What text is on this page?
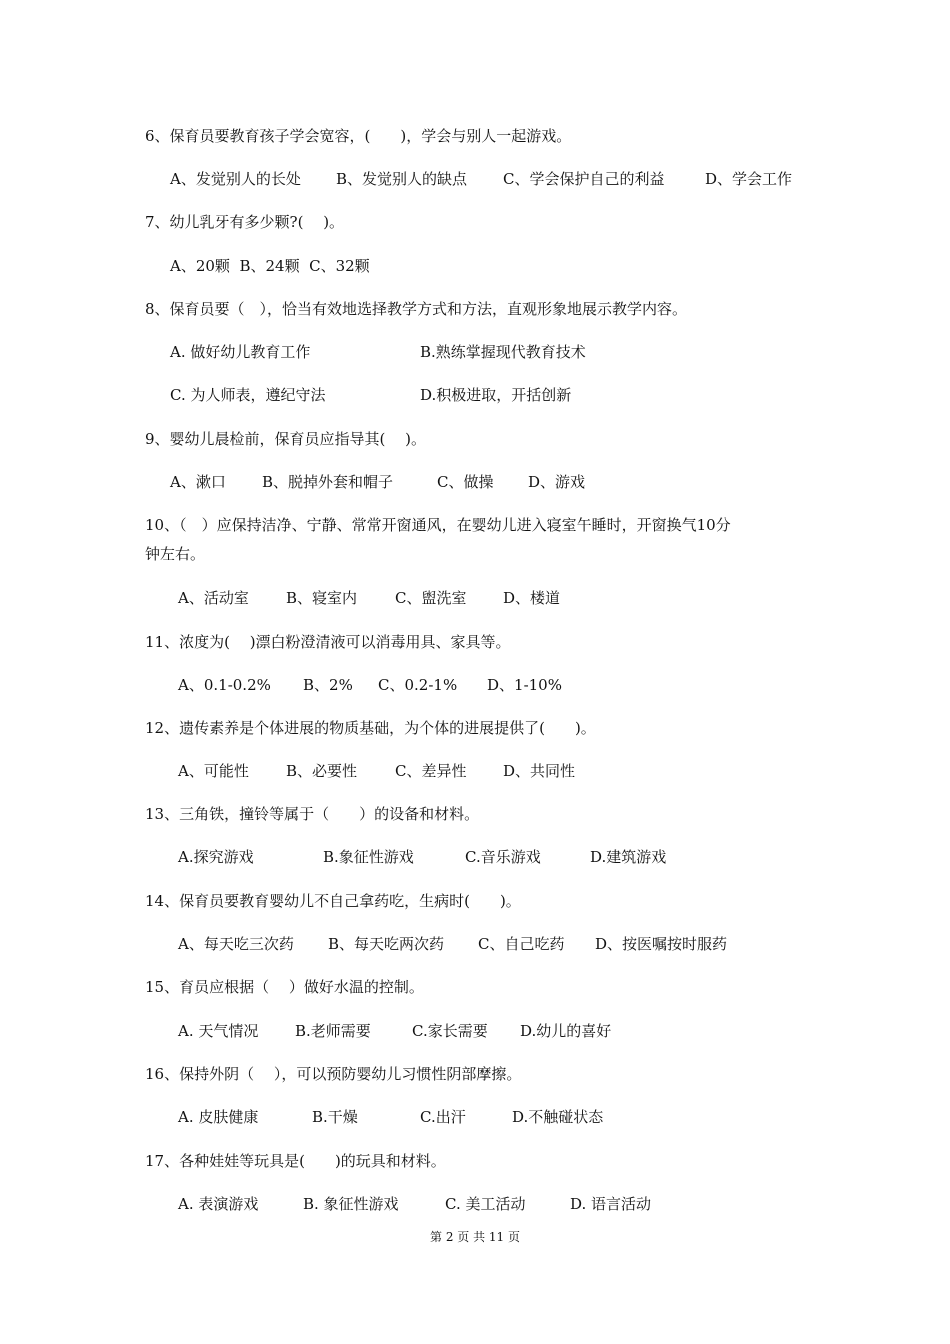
6、保育员要教育孩子学会宽容，(　　)，学会与别人一起游戏。
A、发觉别人的长处 B、发觉别人的缺点 C、学会保护自己的利益	D、学会工作
7、幼儿乳牙有多少颗?(　 )。
A、20颗  B、24颗  C、32颗
8、保育员要（　），恰当有效地选择教学方式和方法，直观形象地展示教学内容。
A. 做好幼儿教育工作	B.熟练掌握现代教育技术
C. 为人师表，遵纪守法	D.积极进取，开括创新
9、婴幼儿晨检前，保育员应指导其(　 )。
A、漱口 B、脱掉外套和帽子	C、做操 D、游戏
10、（　）应保持洁净、宁静、常常开窗通风，在婴幼儿进入寝室午睡时，开窗换气10分
钟左右。
A、活动室 B、寝室内	C、盥洗室 D、楼道
11、浓度为(　 )漂白粉澄清液可以消毒用具、家具等。
A、0.1-0.2% B、2% C、0.2-1% D、1-10%
12、遗传素养是个体进展的物质基础，为个体的进展提供了(　　)。
A、可能性 B、必要性	C、差异性 D、共同性
13、三角铁，撞铃等属于（　　）的设备和材料。
A.探究游戏	B.象征性游戏	C.音乐游戏	D.建筑游戏
14、保育员要教育婴幼儿不自己拿药吃，生病时(　　)。
A、每天吃三次药 B、每天吃两次药 C、自己吃药 D、按医嘱按时服药
15、育员应根据（　 ）做好水温的控制。
A. 天气情况 B.老师需要	C.家长需要 D.幼儿的喜好
16、保持外阴（　 ），可以预防婴幼儿习惯性阴部摩擦。
A. 皮肤健康	B.干燥	C.出汗	D.不触碰状态
17、各种娃娃等玩具是(　　)的玩具和材料。
A. 表演游戏	B. 象征性游戏	C. 美工活动	D. 语言活动
第 2 页 共 11 页
